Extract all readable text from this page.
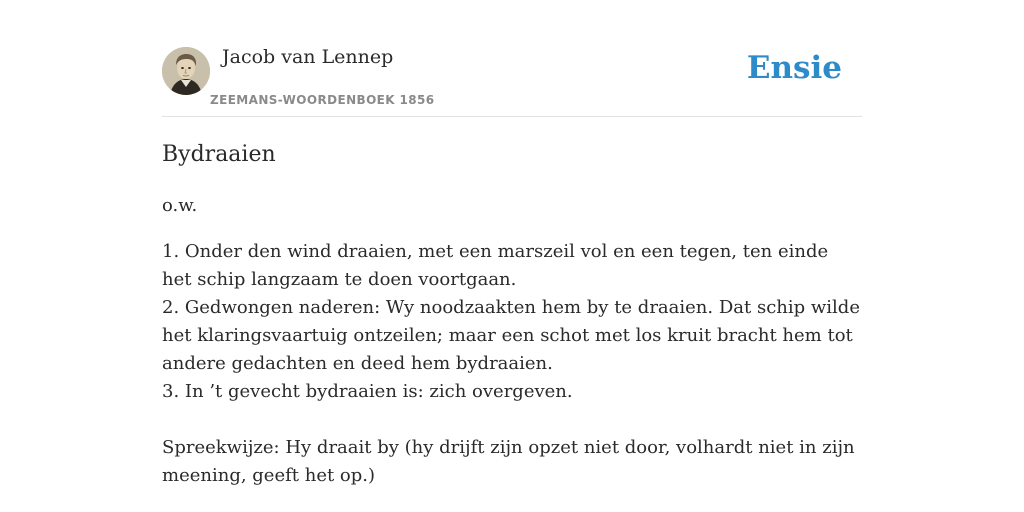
Jacob van Lennep
ZEEMANS-WOORDENBOEK 1856
Ensie
Bydraaien
o.w.
1. Onder den wind draaien, met een marszeil vol en een tegen, ten einde het schip langzaam te doen voortgaan.
2. Gedwongen naderen: Wy noodzaakten hem by te draaien. Dat schip wilde het klaringsvaartuig ontzeilen; maar een schot met los kruit bracht hem tot andere gedachten en deed hem bydraaien.
3. In ’t gevecht bydraaien is: zich overgeven.
Spreekwijze: Hy draait by (hy drijft zijn opzet niet door, volhardt niet in zijn meening, geeft het op.)
